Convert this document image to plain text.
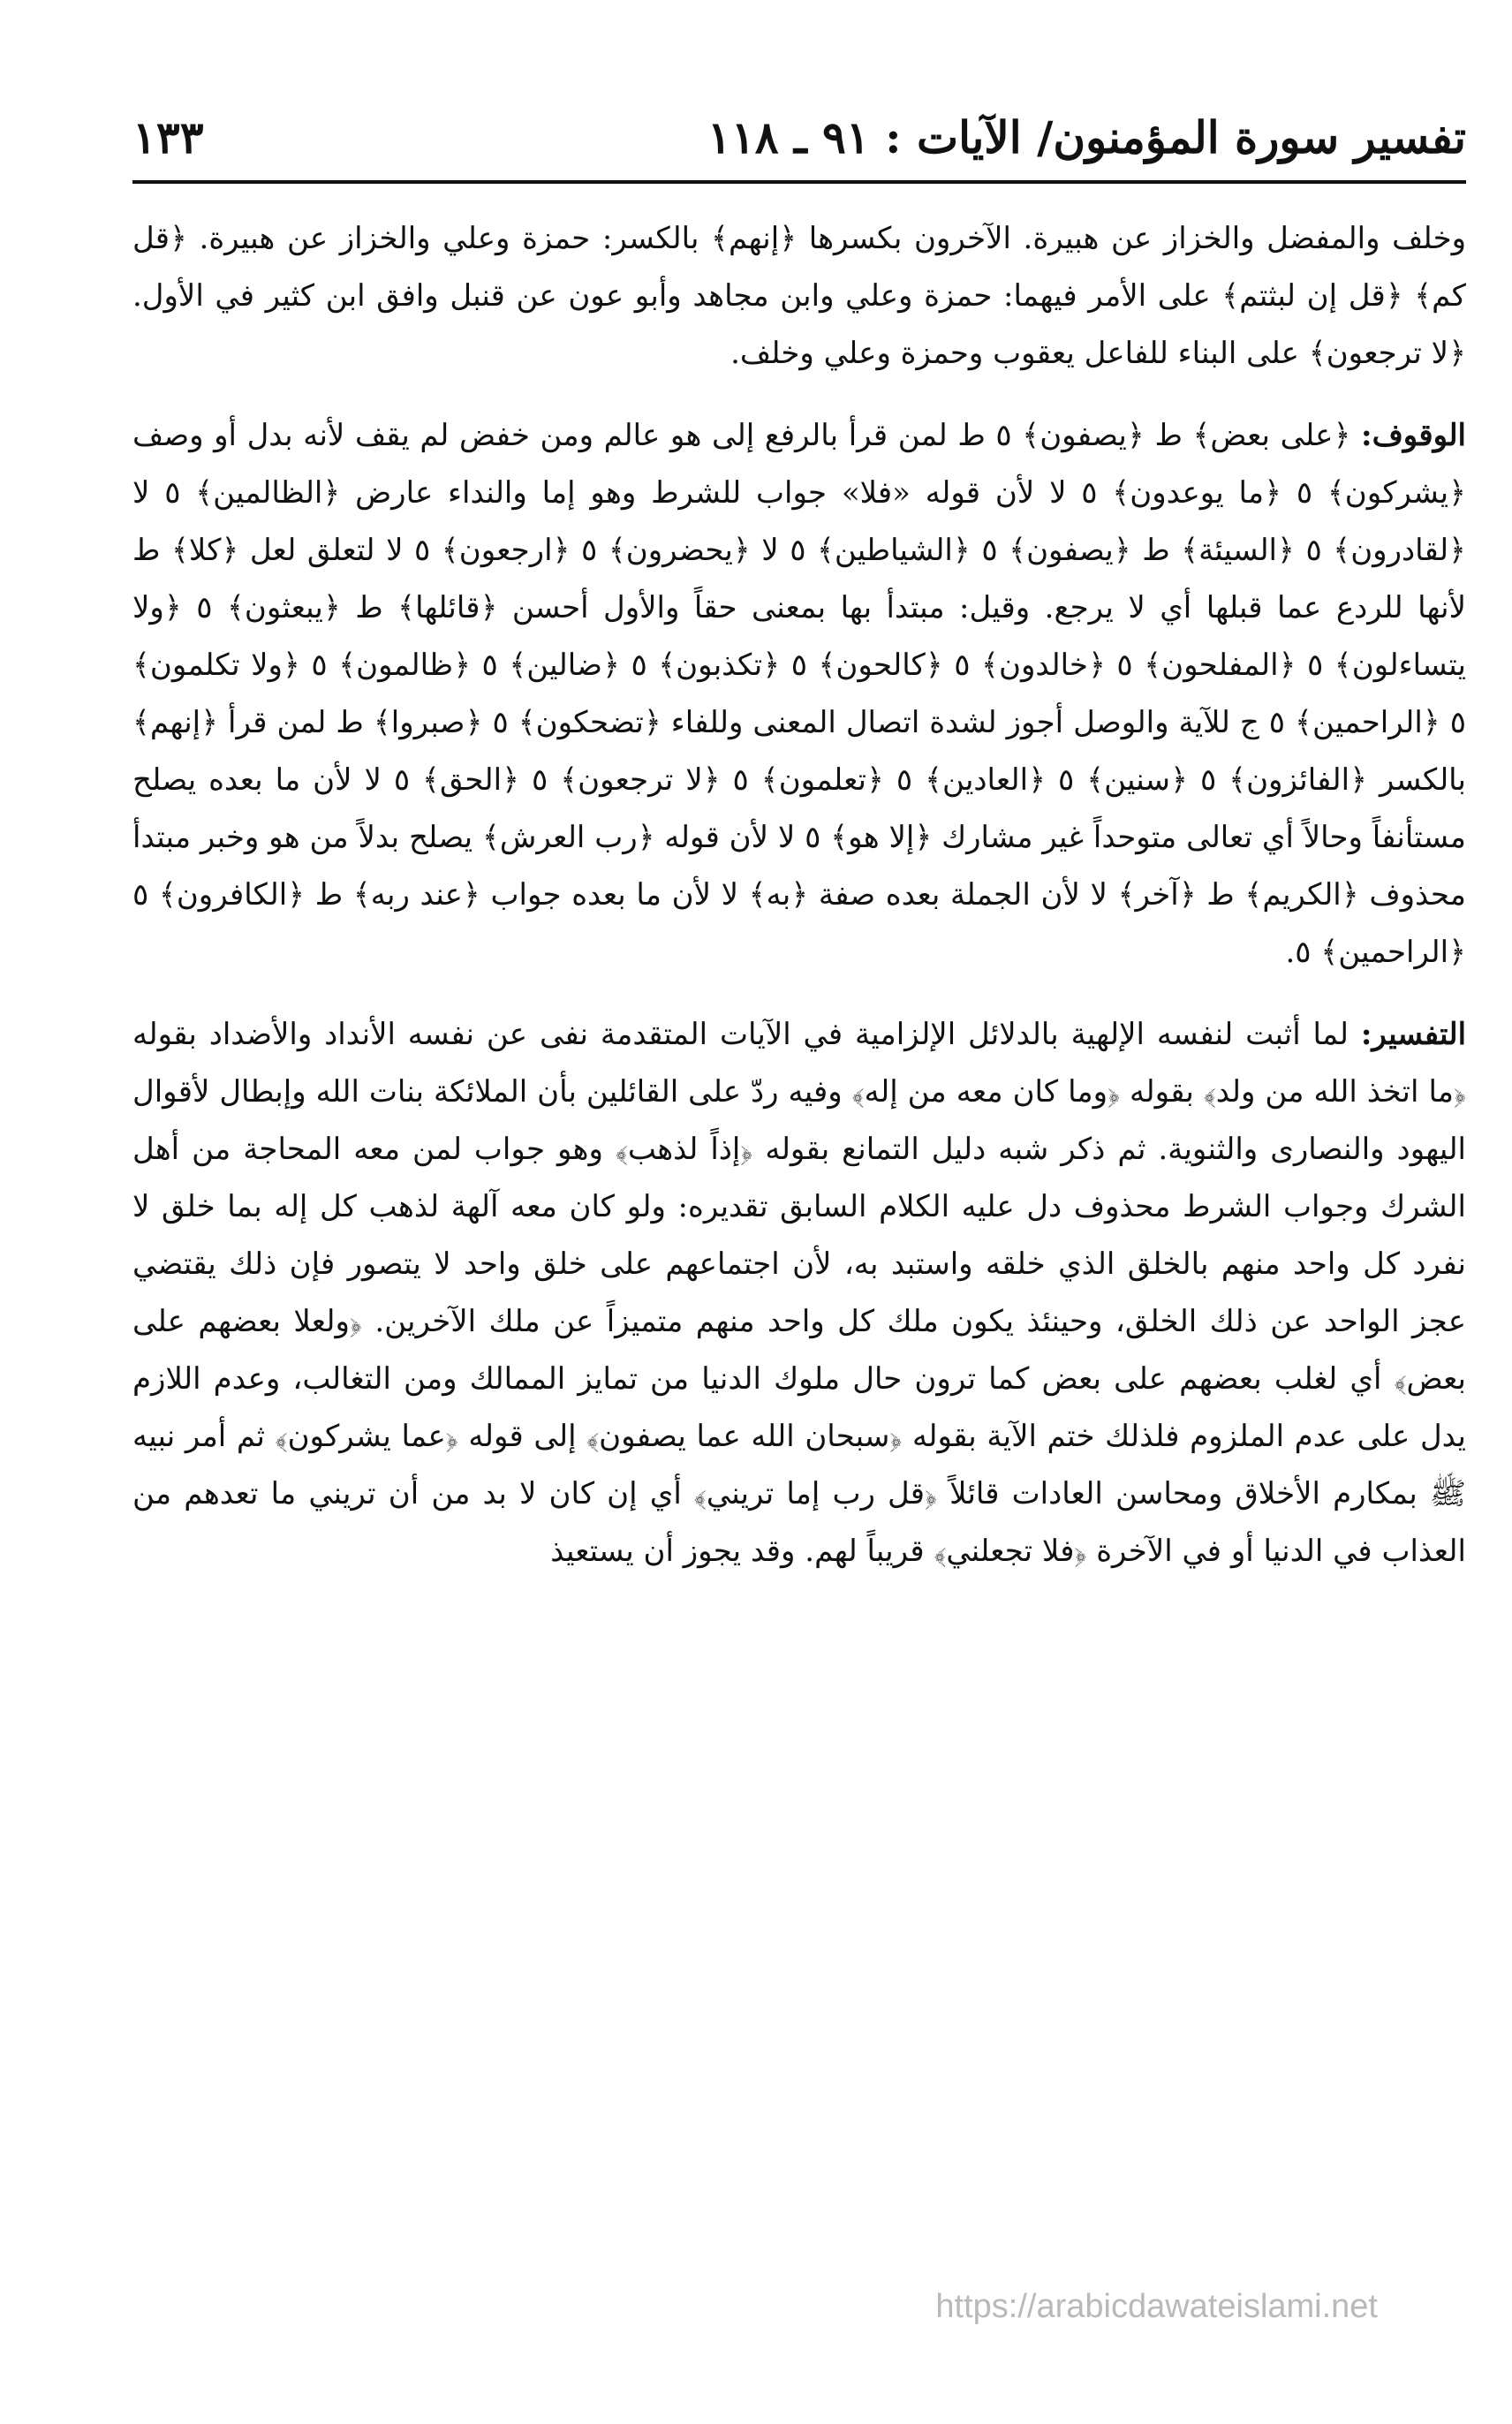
تفسير سورة المؤمنون/ الآيات : ٩١ ـ ١١٨
١٣٣

وخلف والمفضل والخزاز عن هبيرة. الآخرون بكسرها ﴿إنهم﴾ بالكسر: حمزة وعلي والخزاز عن هبيرة. ﴿قل كم﴾ ﴿قل إن لبثتم﴾ على الأمر فيهما: حمزة وعلي وابن مجاهد وأبو عون عن قنبل وافق ابن كثير في الأول. ﴿لا ترجعون﴾ على البناء للفاعل يعقوب وحمزة وعلي وخلف.

الوقوف: ﴿على بعض﴾ ط ﴿يصفون﴾ ٥ ط لمن قرأ بالرفع إلى هو عالم ومن خفض لم يقف لأنه بدل أو وصف ﴿يشركون﴾ ٥ ﴿ما يوعدون﴾ ٥ لا لأن قوله «فلا» جواب للشرط وهو إما والنداء عارض ﴿الظالمين﴾ ٥ لا ﴿لقادرون﴾ ٥ ﴿السيئة﴾ ط ﴿يصفون﴾ ٥ ﴿الشياطين﴾ ٥ لا ﴿يحضرون﴾ ٥ ﴿ارجعون﴾ ٥ لا لتعلق لعل ﴿كلا﴾ ط لأنها للردع عما قبلها أي لا يرجع. وقيل: مبتدأ بها بمعنى حقاً والأول أحسن ﴿قائلها﴾ ط ﴿يبعثون﴾ ٥ ﴿ولا يتساءلون﴾ ٥ ﴿المفلحون﴾ ٥ ﴿خالدون﴾ ٥ ﴿كالحون﴾ ٥ ﴿تكذبون﴾ ٥ ﴿ضالين﴾ ٥ ﴿ظالمون﴾ ٥ ﴿ولا تكلمون﴾ ٥ ﴿الراحمين﴾ ٥ ج للآية والوصل أجوز لشدة اتصال المعنى وللفاء ﴿تضحكون﴾ ٥ ﴿صبروا﴾ ط لمن قرأ ﴿إنهم﴾ بالكسر ﴿الفائزون﴾ ٥ ﴿سنين﴾ ٥ ﴿العادين﴾ ٥ ﴿تعلمون﴾ ٥ ﴿لا ترجعون﴾ ٥ ﴿الحق﴾ ٥ لا لأن ما بعده يصلح مستأنفاً وحالاً أي تعالى متوحداً غير مشارك ﴿إلا هو﴾ ٥ لا لأن قوله ﴿رب العرش﴾ يصلح بدلاً من هو وخبر مبتدأ محذوف ﴿الكريم﴾ ط ﴿آخر﴾ لا لأن الجملة بعده صفة ﴿به﴾ لا لأن ما بعده جواب ﴿عند ربه﴾ ط ﴿الكافرون﴾ ٥ ﴿الراحمين﴾ ٥.

التفسير: لما أثبت لنفسه الإلهية بالدلائل الإلزامية في الآيات المتقدمة نفى عن نفسه الأنداد والأضداد بقوله ﴿ما اتخذ الله من ولد﴾ بقوله ﴿وما كان معه من إله﴾ وفيه ردّ على القائلين بأن الملائكة بنات الله وإبطال لأقوال اليهود والنصارى والثنوية. ثم ذكر شبه دليل التمانع بقوله ﴿إذاً لذهب﴾ وهو جواب لمن معه المحاجة من أهل الشرك وجواب الشرط محذوف دل عليه الكلام السابق تقديره: ولو كان معه آلهة لذهب كل إله بما خلق لا نفرد كل واحد منهم بالخلق الذي خلقه واستبد به، لأن اجتماعهم على خلق واحد لا يتصور فإن ذلك يقتضي عجز الواحد عن ذلك الخلق، وحينئذ يكون ملك كل واحد منهم متميزاً عن ملك الآخرين. ﴿ولعلا بعضهم على بعض﴾ أي لغلب بعضهم على بعض كما ترون حال ملوك الدنيا من تمايز الممالك ومن التغالب، وعدم اللازم يدل على عدم الملزوم فلذلك ختم الآية بقوله ﴿سبحان الله عما يصفون﴾ إلى قوله ﴿عما يشركون﴾ ثم أمر نبيه ﷺ بمكارم الأخلاق ومحاسن العادات قائلاً ﴿قل رب إما تريني﴾ أي إن كان لا بد من أن تريني ما تعدهم من العذاب في الدنيا أو في الآخرة ﴿فلا تجعلني﴾ قريباً لهم. وقد يجوز أن يستعيذ

https://arabicdawateislami.net
